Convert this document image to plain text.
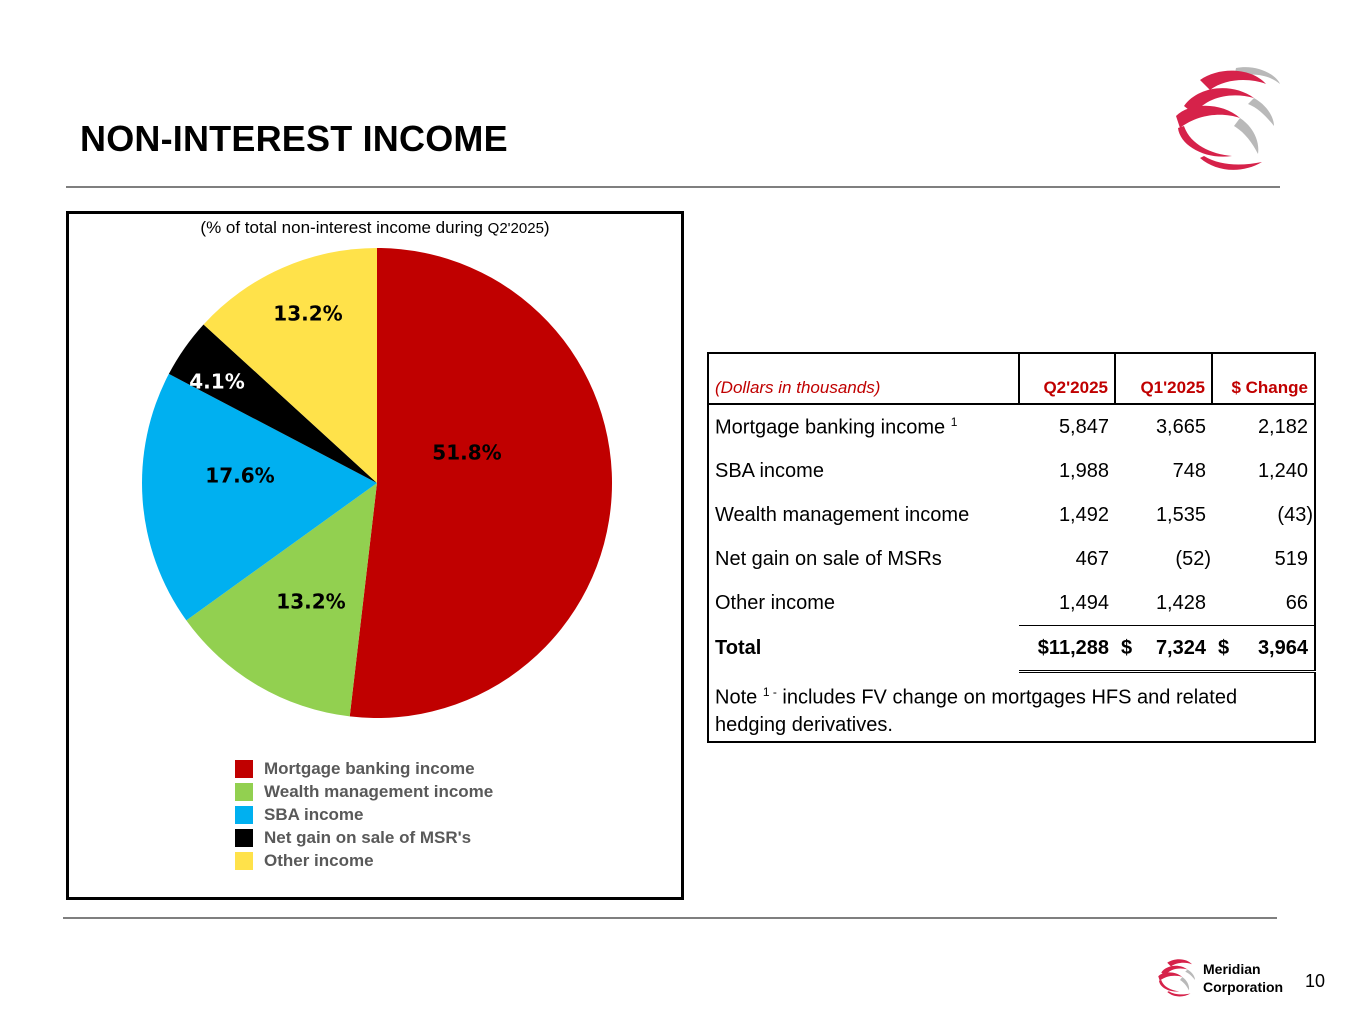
NON-INTEREST INCOME
(% of total non-interest income during Q2'2025)
51.8%
13.2%
17.6%
4.1%
13.2%
Mortgage banking income
Wealth management income
SBA income
Net gain on sale of MSR's
Other income
(Dollars in thousands)	Q2'2025	Q1'2025	$ Change
Mortgage banking income $^1$	5,847	3,665	2,182
SBA income	1,988	748	1,240
Wealth management income	1,492	1,535	(43)
Net gain on sale of MSRs	467	(52)	519
Other income	1,494	1,428	66
Total	$11,288	$ 7,324	$ 3,964

Note $^{1 -}$ includes FV change on mortgages HFS and related hedging derivatives.			
Meridian
Corporation 10
